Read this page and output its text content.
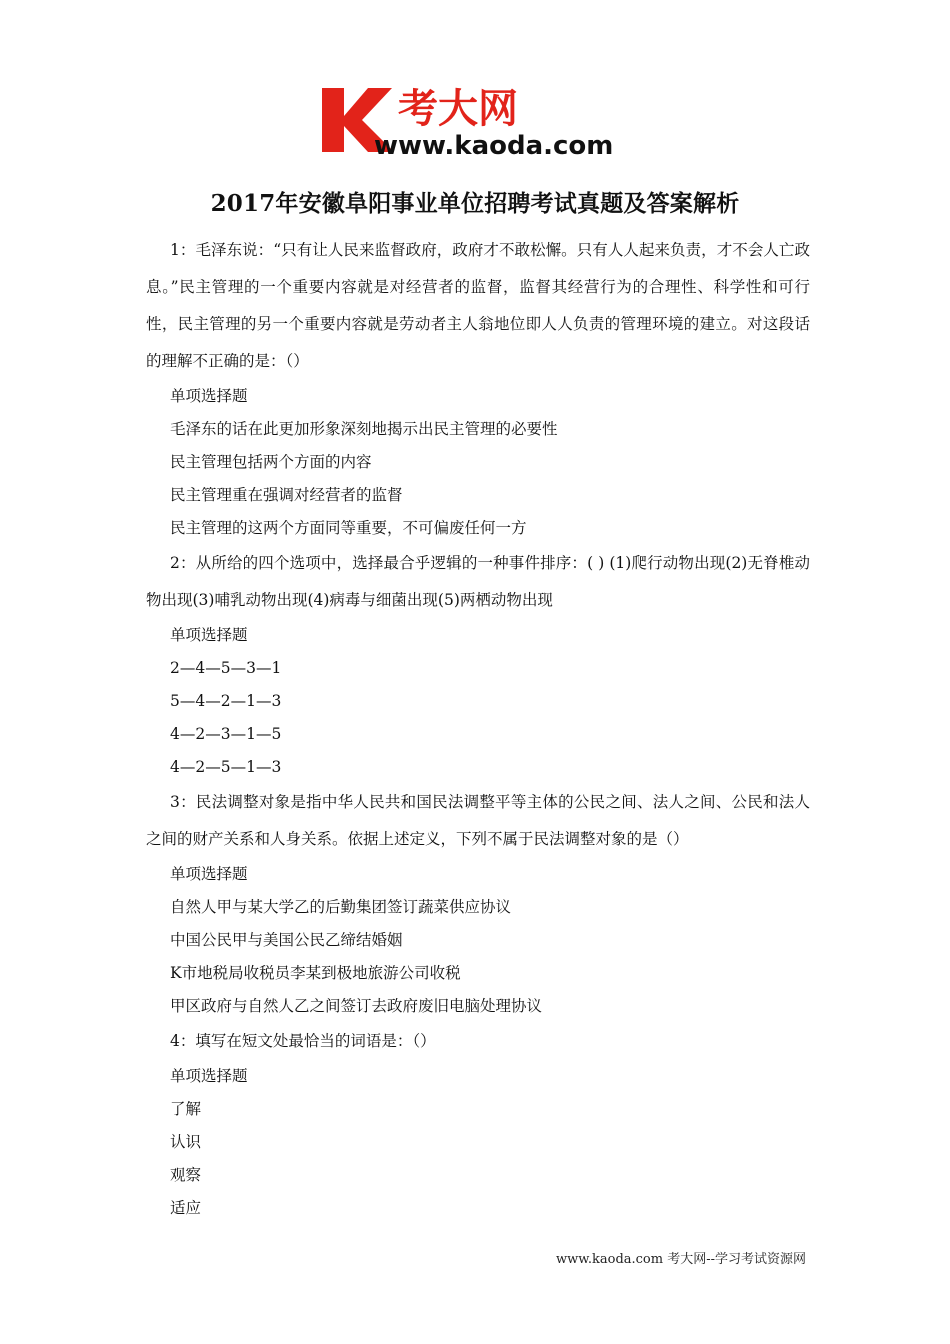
考大网
www.kaoda.com
2017年安徽阜阳事业单位招聘考试真题及答案解析

1：毛泽东说：“只有让人民来监督政府，政府才不敢松懈。只有人人起来负责，才不会人亡政息。”民主管理的一个重要内容就是对经营者的监督，监督其经营行为的合理性、科学性和可行性，民主管理的另一个重要内容就是劳动者主人翁地位即人人负责的管理环境的建立。对这段话的理解不正确的是：（）

单项选择题

毛泽东的话在此更加形象深刻地揭示出民主管理的必要性

民主管理包括两个方面的内容

民主管理重在强调对经营者的监督

民主管理的这两个方面同等重要，不可偏废任何一方

2：从所给的四个选项中，选择最合乎逻辑的一种事件排序：( ) (1)爬行动物出现(2)无脊椎动物出现(3)哺乳动物出现(4)病毒与细菌出现(5)两栖动物出现

单项选择题

2—4—5—3—1

5—4—2—1—3

4—2—3—1—5

4—2—5—1—3

3：民法调整对象是指中华人民共和国民法调整平等主体的公民之间、法人之间、公民和法人之间的财产关系和人身关系。依据上述定义，下列不属于民法调整对象的是（）

单项选择题

自然人甲与某大学乙的后勤集团签订蔬菜供应协议

中国公民甲与美国公民乙缔结婚姻

K市地税局收税员李某到极地旅游公司收税

甲区政府与自然人乙之间签订去政府废旧电脑处理协议

4：填写在短文处最恰当的词语是：（）

单项选择题

了解

认识

观察

适应

www.kaoda.com 考大网--学习考试资源网
